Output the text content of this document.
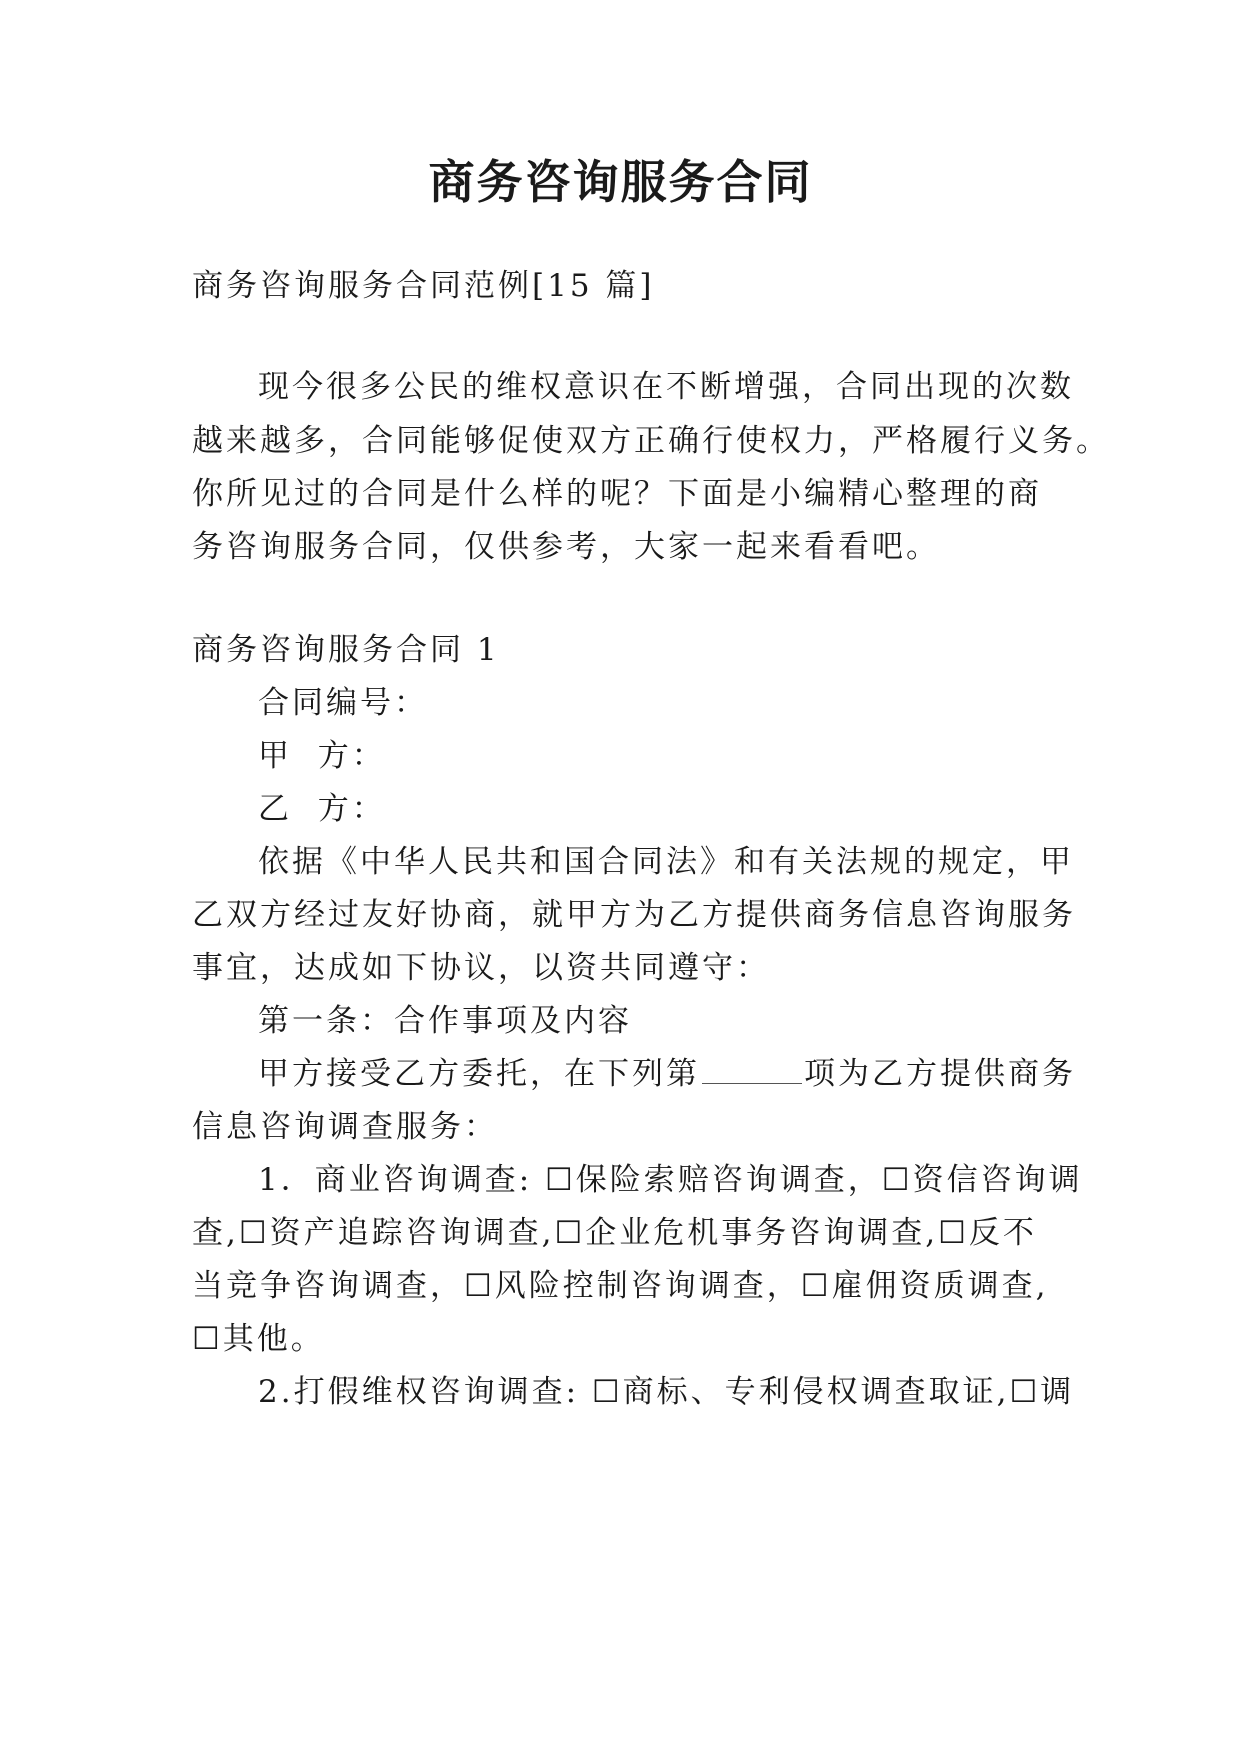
商务咨询服务合同

商务咨询服务合同范例[15 篇]

现今很多公民的维权意识在不断增强，合同出现的次数

越来越多，合同能够促使双方正确行使权力，严格履行义务。

你所见过的合同是什么样的呢？下面是小编精心整理的商

务咨询服务合同，仅供参考，大家一起来看看吧。

商务咨询服务合同 1

合同编号：

甲  方：

乙  方：

依据《中华人民共和国合同法》和有关法规的规定，甲

乙双方经过友好协商，就甲方为乙方提供商务信息咨询服务

事宜，达成如下协议，以资共同遵守：

第一条：合作事项及内容

甲方接受乙方委托，在下列第	项为乙方提供商务

信息咨询调查服务：

1．商业咨询调查: ☐保险索赔咨询调查，☐资信咨询调

查,☐资产追踪咨询调查,☐企业危机事务咨询调查,☐反不

当竞争咨询调查，☐风险控制咨询调查，☐雇佣资质调查,

☐其他。

2.打假维权咨询调查: ☐商标、专利侵权调查取证,☐调
